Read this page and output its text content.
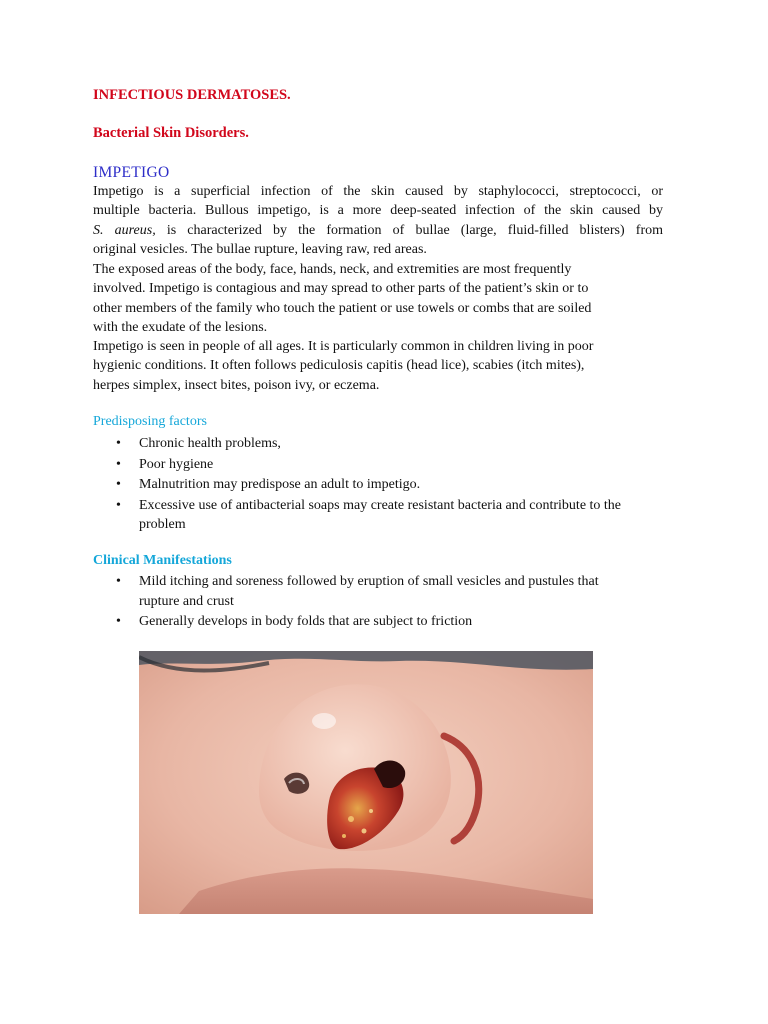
INFECTIOUS DERMATOSES.
Bacterial Skin Disorders.
IMPETIGO
Impetigo is a superficial infection of the skin caused by staphylococci, streptococci, or
multiple bacteria. Bullous impetigo, is a more deep-seated infection of the skin caused by
S. aureus, is characterized by the formation of bullae (large, fluid-filled blisters) from
original vesicles. The bullae rupture, leaving raw, red areas.
The exposed areas of the body, face, hands, neck, and extremities are most frequently
involved. Impetigo is contagious and may spread to other parts of the patient’s skin or to
other members of the family who touch the patient or use towels or combs that are soiled
with the exudate of the lesions.
Impetigo is seen in people of all ages. It is particularly common in children living in poor
hygienic conditions. It often follows pediculosis capitis (head lice), scabies (itch mites),
herpes simplex, insect bites, poison ivy, or eczema.
Predisposing factors
• Chronic health problems,
• Poor hygiene
• Malnutrition may predispose an adult to impetigo.
• Excessive use of antibacterial soaps may create resistant bacteria and contribute to the
problem
Clinical Manifestations
• Mild itching and soreness followed by eruption of small vesicles and pustules that
rupture and crust
• Generally develops in body folds that are subject to friction
